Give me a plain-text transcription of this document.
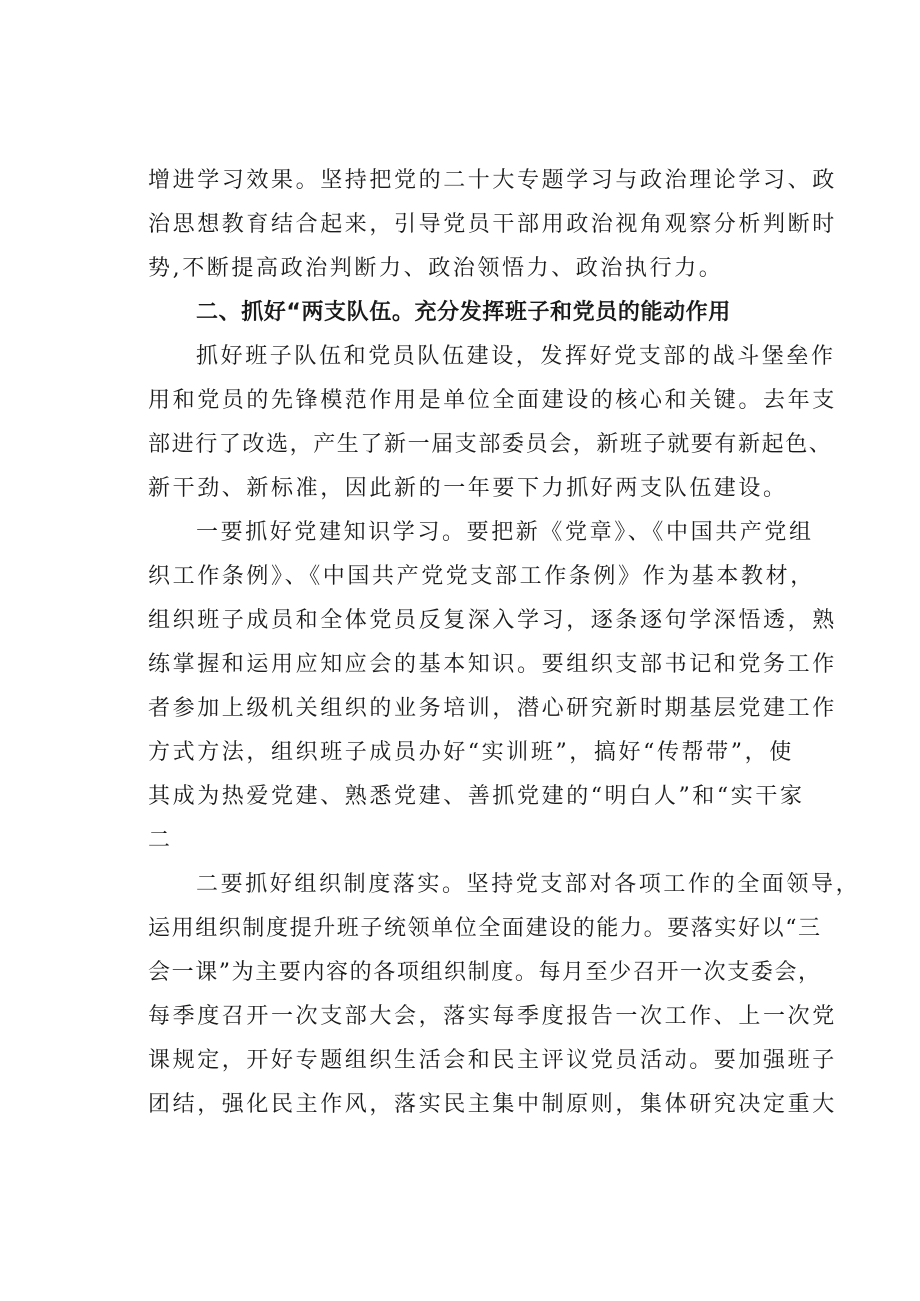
增进学习效果。坚持把党的二十大专题学习与政治理论学习、政
治思想教育结合起来，引导党员干部用政治视角观察分析判断时
势,不断提高政治判断力、政治领悟力、政治执行力。
二、抓好“两支队伍。充分发挥班子和党员的能动作用
抓好班子队伍和党员队伍建设，发挥好党支部的战斗堡垒作
用和党员的先锋模范作用是单位全面建设的核心和关键。去年支
部进行了改选，产生了新一届支部委员会，新班子就要有新起色、
新干劲、新标准，因此新的一年要下力抓好两支队伍建设。
一要抓好党建知识学习。要把新《党章》、《中国共产党组
织工作条例》、《中国共产党党支部工作条例》作为基本教材，
组织班子成员和全体党员反复深入学习，逐条逐句学深悟透，熟
练掌握和运用应知应会的基本知识。要组织支部书记和党务工作
者参加上级机关组织的业务培训，潜心研究新时期基层党建工作
方式方法，组织班子成员办好“实训班”，搞好“传帮带”，使
其成为热爱党建、熟悉党建、善抓党建的“明白人”和“实干家
二
二要抓好组织制度落实。坚持党支部对各项工作的全面领导，
运用组织制度提升班子统领单位全面建设的能力。要落实好以“三
会一课”为主要内容的各项组织制度。每月至少召开一次支委会，
每季度召开一次支部大会，落实每季度报告一次工作、上一次党
课规定，开好专题组织生活会和民主评议党员活动。要加强班子
团结，强化民主作风，落实民主集中制原则，集体研究决定重大
